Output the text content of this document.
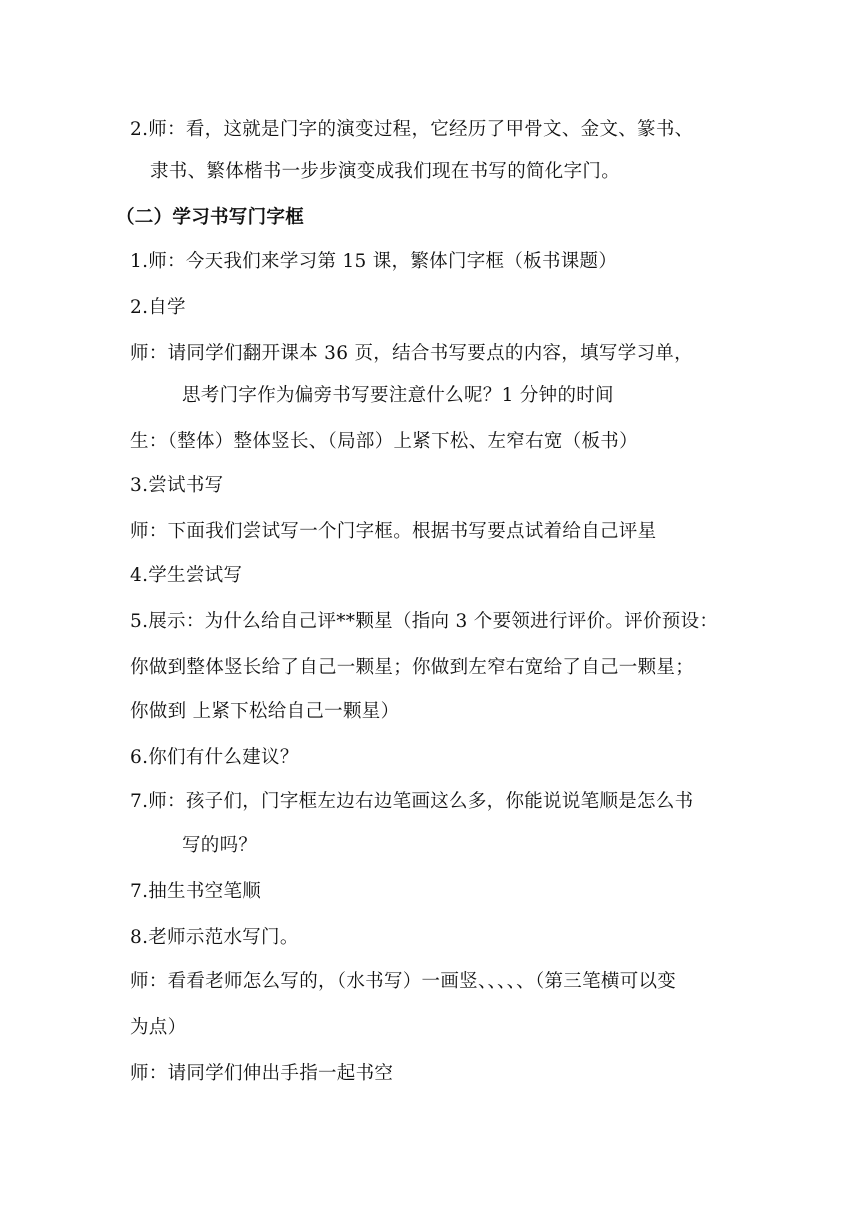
2.师：看，这就是门字的演变过程，它经历了甲骨文、金文、篆书、
隶书、繁体楷书一步步演变成我们现在书写的简化字门。
（二）学习书写门字框
1.师：今天我们来学习第 15 课，繁体门字框（板书课题）
2.自学
师：请同学们翻开课本 36 页，结合书写要点的内容，填写学习单，
思考门字作为偏旁书写要注意什么呢？1 分钟的时间
生：（整体）整体竖长、（局部）上紧下松、左窄右宽（板书）
3.尝试书写
师：下面我们尝试写一个门字框。根据书写要点试着给自己评星
4.学生尝试写
5.展示：为什么给自己评**颗星（指向 3 个要领进行评价。评价预设：
你做到整体竖长给了自己一颗星；你做到左窄右宽给了自己一颗星；
你做到 上紧下松给自己一颗星）
6.你们有什么建议？
7.师：孩子们，门字框左边右边笔画这么多，你能说说笔顺是怎么书
写的吗？
7.抽生书空笔顺
8.老师示范水写门。
师：看看老师怎么写的，（水书写）一画竖、、、、、（第三笔横可以变
为点）
师：请同学们伸出手指一起书空
